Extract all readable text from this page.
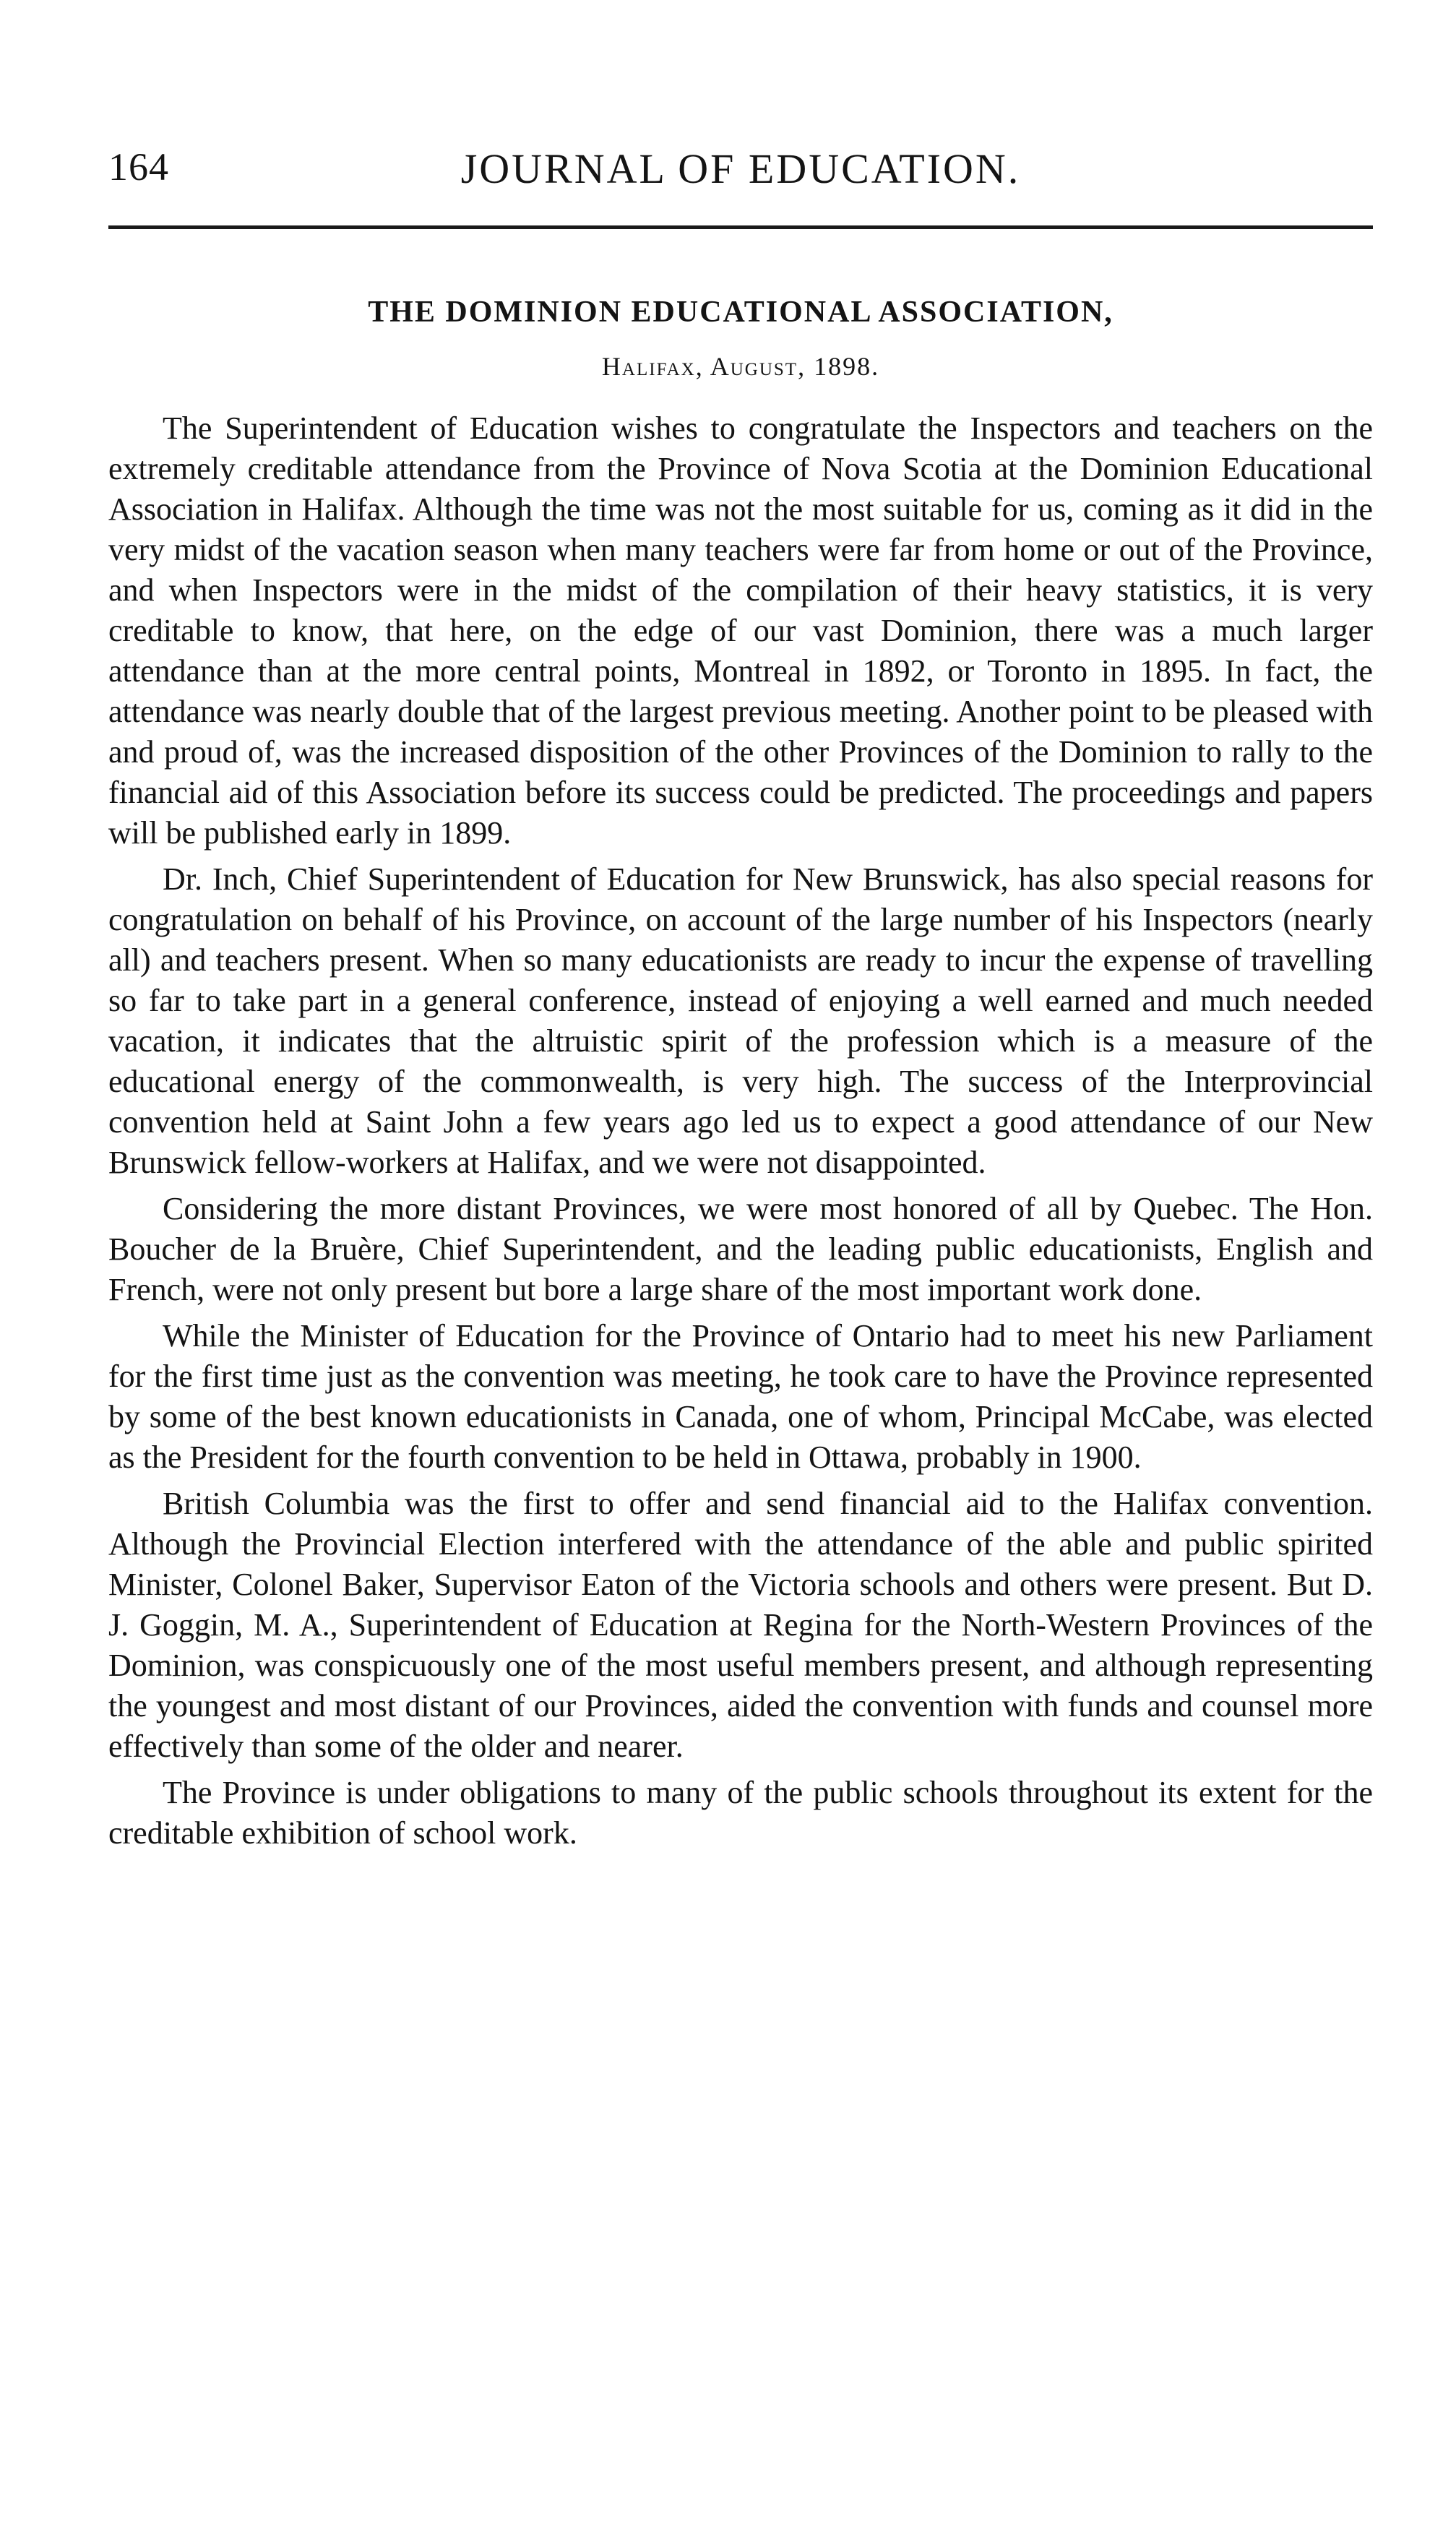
164	JOURNAL OF EDUCATION.
THE DOMINION EDUCATIONAL ASSOCIATION,
Halifax, August, 1898.

The Superintendent of Education wishes to congratulate the Inspectors and teachers on the extremely creditable attendance from the Province of Nova Scotia at the Dominion Educational Association in Halifax. Although the time was not the most suitable for us, coming as it did in the very midst of the vacation season when many teachers were far from home or out of the Province, and when Inspectors were in the midst of the compilation of their heavy statistics, it is very creditable to know, that here, on the edge of our vast Dominion, there was a much larger attendance than at the more central points, Montreal in 1892, or Toronto in 1895. In fact, the attendance was nearly double that of the largest previous meeting. Another point to be pleased with and proud of, was the increased disposition of the other Provinces of the Dominion to rally to the financial aid of this Association before its success could be predicted. The proceedings and papers will be published early in 1899.

Dr. Inch, Chief Superintendent of Education for New Brunswick, has also special reasons for congratulation on behalf of his Province, on account of the large number of his Inspectors (nearly all) and teachers present. When so many educationists are ready to incur the expense of travelling so far to take part in a general conference, instead of enjoying a well earned and much needed vacation, it indicates that the altruistic spirit of the profession which is a measure of the educational energy of the commonwealth, is very high. The success of the Interprovincial convention held at Saint John a few years ago led us to expect a good attendance of our New Brunswick fellow-workers at Halifax, and we were not disappointed.

Considering the more distant Provinces, we were most honored of all by Quebec. The Hon. Boucher de la Bruère, Chief Superintendent, and the leading public educationists, English and French, were not only present but bore a large share of the most important work done.

While the Minister of Education for the Province of Ontario had to meet his new Parliament for the first time just as the convention was meeting, he took care to have the Province represented by some of the best known educationists in Canada, one of whom, Principal McCabe, was elected as the President for the fourth convention to be held in Ottawa, probably in 1900.

British Columbia was the first to offer and send financial aid to the Halifax convention. Although the Provincial Election interfered with the attendance of the able and public spirited Minister, Colonel Baker, Supervisor Eaton of the Victoria schools and others were present. But D. J. Goggin, M. A., Superintendent of Education at Regina for the North-Western Provinces of the Dominion, was conspicuously one of the most useful members present, and although representing the youngest and most distant of our Provinces, aided the convention with funds and counsel more effectively than some of the older and nearer.

The Province is under obligations to many of the public schools throughout its extent for the creditable exhibition of school work.
